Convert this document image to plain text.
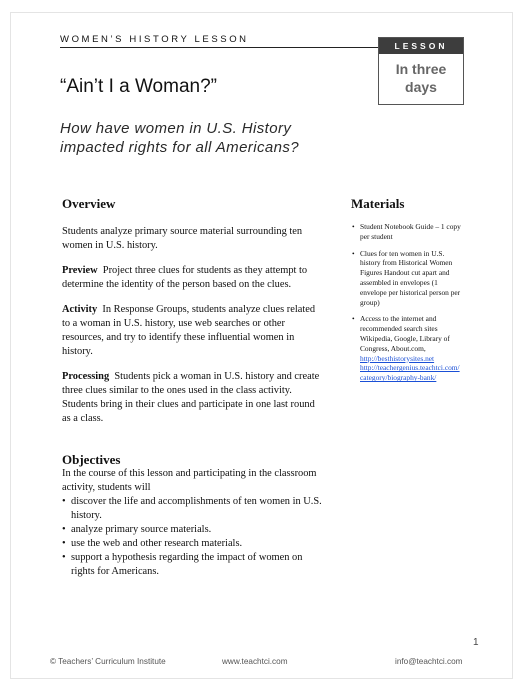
WOMEN’S HISTORY LESSON
LESSON
In three
days
“Ain’t I a Woman?”
How have women in U.S. History impacted rights for all Americans?
Overview

Students analyze primary source material surrounding ten women in U.S. history.

Preview Project three clues for students as they attempt to determine the identity of the person based on the clues.

Activity In Response Groups, students analyze clues related to a woman in U.S. history, use web searches or other resources, and try to identify these influential women in history.

Processing Students pick a woman in U.S. history and create three clues similar to the ones used in the class activity. Students bring in their clues and participate in one last round as a class.

Objectives

In the course of this lesson and participating in the classroom activity, students will

• discover the life and accomplishments of ten women in U.S. history.
• analyze primary source materials.
• use the web and other research materials.
• support a hypothesis regarding the impact of women on rights for Americans.
Materials
• Student Notebook Guide – 1 copy per student
• Clues for ten women in U.S. history from Historical Women Figures Handout cut apart and assembled in envelopes (1 envelope per historical person per group)
• Access to the internet and recommended search sites Wikipedia, Google, Library of Congress, About.com,
http://besthistorysites.net
http://teachergenius.teachtci.com/category/biography-bank/
1
© Teachers’ Curriculum Institute	www.teachtci.com	info@teachtci.com
